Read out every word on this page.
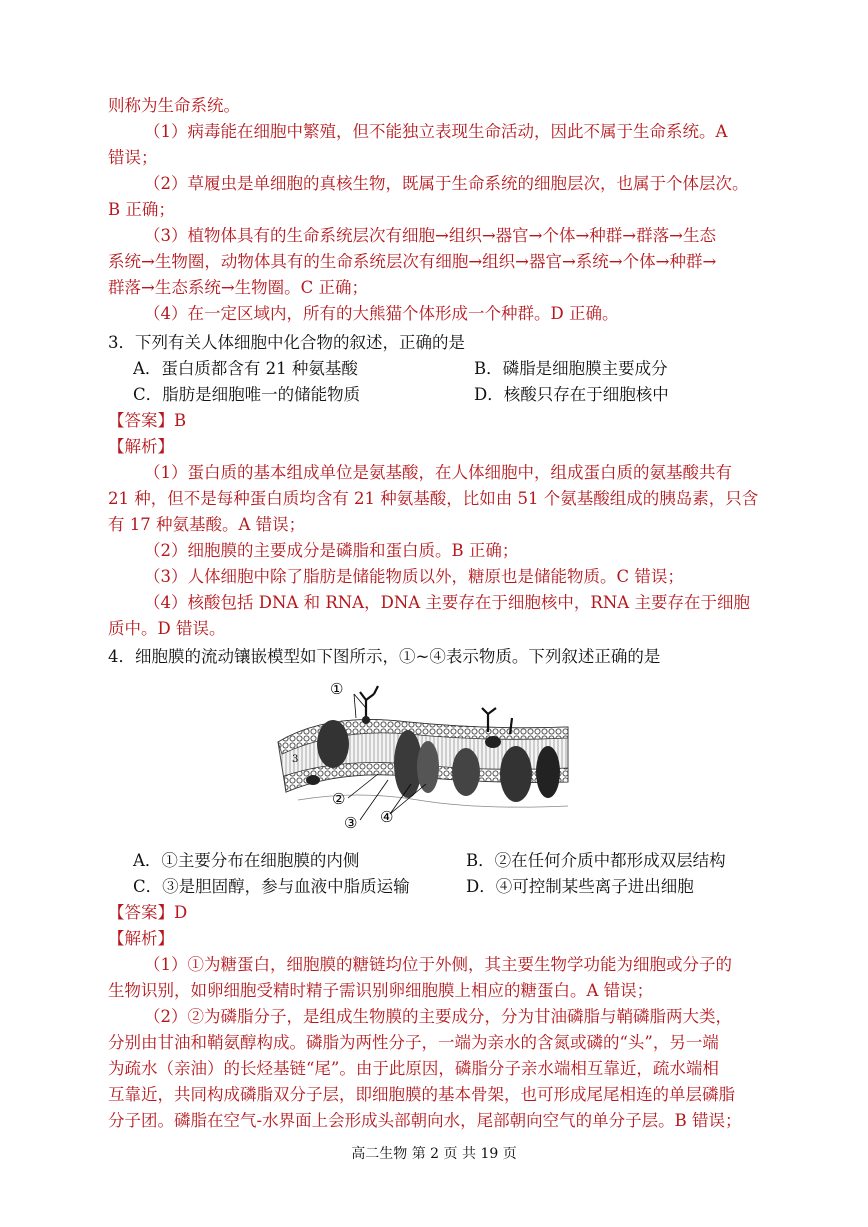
则称为生命系统。
（1）病毒能在细胞中繁殖，但不能独立表现生命活动，因此不属于生命系统。A
错误；
（2）草履虫是单细胞的真核生物，既属于生命系统的细胞层次，也属于个体层次。
B 正确；
（3）植物体具有的生命系统层次有细胞→组织→器官→个体→种群→群落→生态
系统→生物圈，动物体具有的生命系统层次有细胞→组织→器官→系统→个体→种群→
群落→生态系统→生物圈。C 正确；
（4）在一定区域内，所有的大熊猫个体形成一个种群。D 正确。
3．下列有关人体细胞中化合物的叙述，正确的是
A．蛋白质都含有 21 种氨基酸	B．磷脂是细胞膜主要成分
C．脂肪是细胞唯一的储能物质	D．核酸只存在于细胞核中
【答案】B
【解析】
（1）蛋白质的基本组成单位是氨基酸，在人体细胞中，组成蛋白质的氨基酸共有
21 种，但不是每种蛋白质均含有 21 种氨基酸，比如由 51 个氨基酸组成的胰岛素，只含
有 17 种氨基酸。A 错误；
（2）细胞膜的主要成分是磷脂和蛋白质。B 正确；
（3）人体细胞中除了脂肪是储能物质以外，糖原也是储能物质。C 错误；
（4）核酸包括 DNA 和 RNA，DNA 主要存在于细胞核中，RNA 主要存在于细胞
质中。D 错误。
4．细胞膜的流动镶嵌模型如下图所示，①~④表示物质。下列叙述正确的是
①
②
③ ④
3
A．①主要分布在细胞膜的内侧	B．②在任何介质中都形成双层结构
C．③是胆固醇，参与血液中脂质运输	D．④可控制某些离子进出细胞
【答案】D
【解析】
（1）①为糖蛋白，细胞膜的糖链均位于外侧，其主要生物学功能为细胞或分子的
生物识别，如卵细胞受精时精子需识别卵细胞膜上相应的糖蛋白。A 错误；
（2）②为磷脂分子，是组成生物膜的主要成分，分为甘油磷脂与鞘磷脂两大类，
分别由甘油和鞘氨醇构成。磷脂为两性分子，一端为亲水的含氮或磷的“头”，另一端
为疏水（亲油）的长烃基链“尾”。由于此原因，磷脂分子亲水端相互靠近，疏水端相
互靠近，共同构成磷脂双分子层，即细胞膜的基本骨架，也可形成尾尾相连的单层磷脂
分子团。磷脂在空气-水界面上会形成头部朝向水，尾部朝向空气的单分子层。B 错误；
高二生物 第 2 页 共 19 页
